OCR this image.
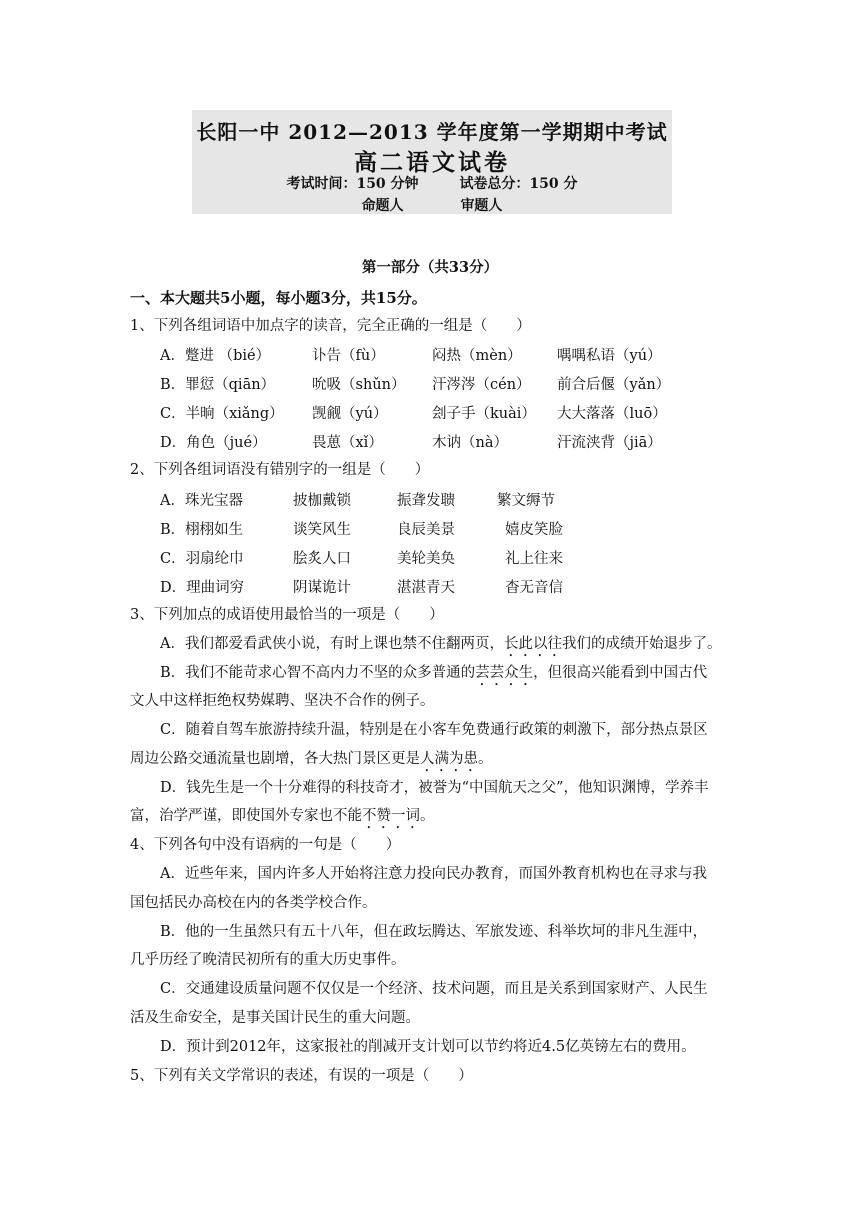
长阳一中 2012—2013 学年度第一学期期中考试
高二语文试卷
考试时间：150 分钟	试卷总分：150 分
命题人	审题人
第一部分（共33分）
一、本大题共5小题，每小题3分，共15分。
1、下列各组词语中加点字的读音，完全正确的一组是（　　）
A．蹩进 （bié）	讣告（fù）	闷热（mèn） 喁喁私语（yú）
B．罪愆（qiān）	吮吸（shǔn） 汗涔涔（cén） 前合后偃（yǎn）
C．半晌（xiǎng） 觊觎（yú）	刽子手（kuài） 大大落落（luō）
D．角色（jué）	畏葸（xǐ）	木讷（nà）	汗流浃背（jiā）
2、下列各组词语没有错别字的一组是（　　）
A．珠光宝器	披枷戴锁	振聋发聩	繁文缛节
B．栩栩如生	谈笑风生	良辰美景	嬉皮笑脸
C．羽扇纶巾	脍炙人口	美轮美奂	礼上往来
D．理曲词穷	阴谋诡计	湛湛青天	杳无音信
3、下列加点的成语使用最恰当的一项是（　　）
A．我们都爱看武侠小说，有时上课也禁不住翻两页，长此以往我们的成绩开始退步了。
B．我们不能苛求心智不高内力不坚的众多普通的芸芸众生，但很高兴能看到中国古代
文人中这样拒绝权势媒聘、坚决不合作的例子。
C．随着自驾车旅游持续升温，特别是在小客车免费通行政策的刺激下，部分热点景区
周边公路交通流量也剧增，各大热门景区更是人满为患。
D．钱先生是一个十分难得的科技奇才，被誉为“中国航天之父”，他知识渊博，学养丰
富，治学严谨，即使国外专家也不能不赞一词。
4、下列各句中没有语病的一句是（　　）
A．近些年来，国内许多人开始将注意力投向民办教育，而国外教育机构也在寻求与我
国包括民办高校在内的各类学校合作。
B．他的一生虽然只有五十八年，但在政坛腾达、军旅发迹、科举坎坷的非凡生涯中，
几乎历经了晚清民初所有的重大历史事件。
C．交通建设质量问题不仅仅是一个经济、技术问题，而且是关系到国家财产、人民生
活及生命安全，是事关国计民生的重大问题。
D．预计到2012年，这家报社的削减开支计划可以节约将近4.5亿英镑左右的费用。
5、下列有关文学常识的表述，有误的一项是（　　）
